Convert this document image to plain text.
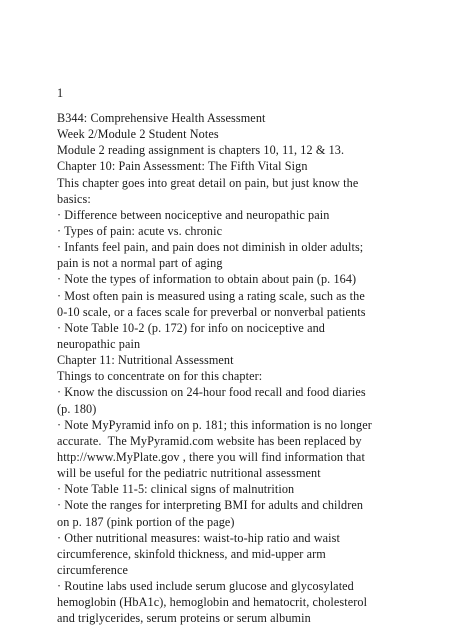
1

B344: Comprehensive Health Assessment
Week 2/Module 2 Student Notes
Module 2 reading assignment is chapters 10, 11, 12 & 13.
Chapter 10: Pain Assessment: The Fifth Vital Sign
This chapter goes into great detail on pain, but just know the
basics:
· Difference between nociceptive and neuropathic pain
· Types of pain: acute vs. chronic
· Infants feel pain, and pain does not diminish in older adults;
pain is not a normal part of aging
· Note the types of information to obtain about pain (p. 164)
· Most often pain is measured using a rating scale, such as the
0-10 scale, or a faces scale for preverbal or nonverbal patients
· Note Table 10-2 (p. 172) for info on nociceptive and
neuropathic pain
Chapter 11: Nutritional Assessment
Things to concentrate on for this chapter:
· Know the discussion on 24-hour food recall and food diaries
(p. 180)
· Note MyPyramid info on p. 181; this information is no longer
accurate.  The MyPyramid.com website has been replaced by
http://www.MyPlate.gov , there you will find information that
will be useful for the pediatric nutritional assessment
· Note Table 11-5: clinical signs of malnutrition
· Note the ranges for interpreting BMI for adults and children
on p. 187 (pink portion of the page)
· Other nutritional measures: waist-to-hip ratio and waist
circumference, skinfold thickness, and mid-upper arm
circumference
· Routine labs used include serum glucose and glycosylated
hemoglobin (HbA1c), hemoglobin and hematocrit, cholesterol
and triglycerides, serum proteins or serum albumin
